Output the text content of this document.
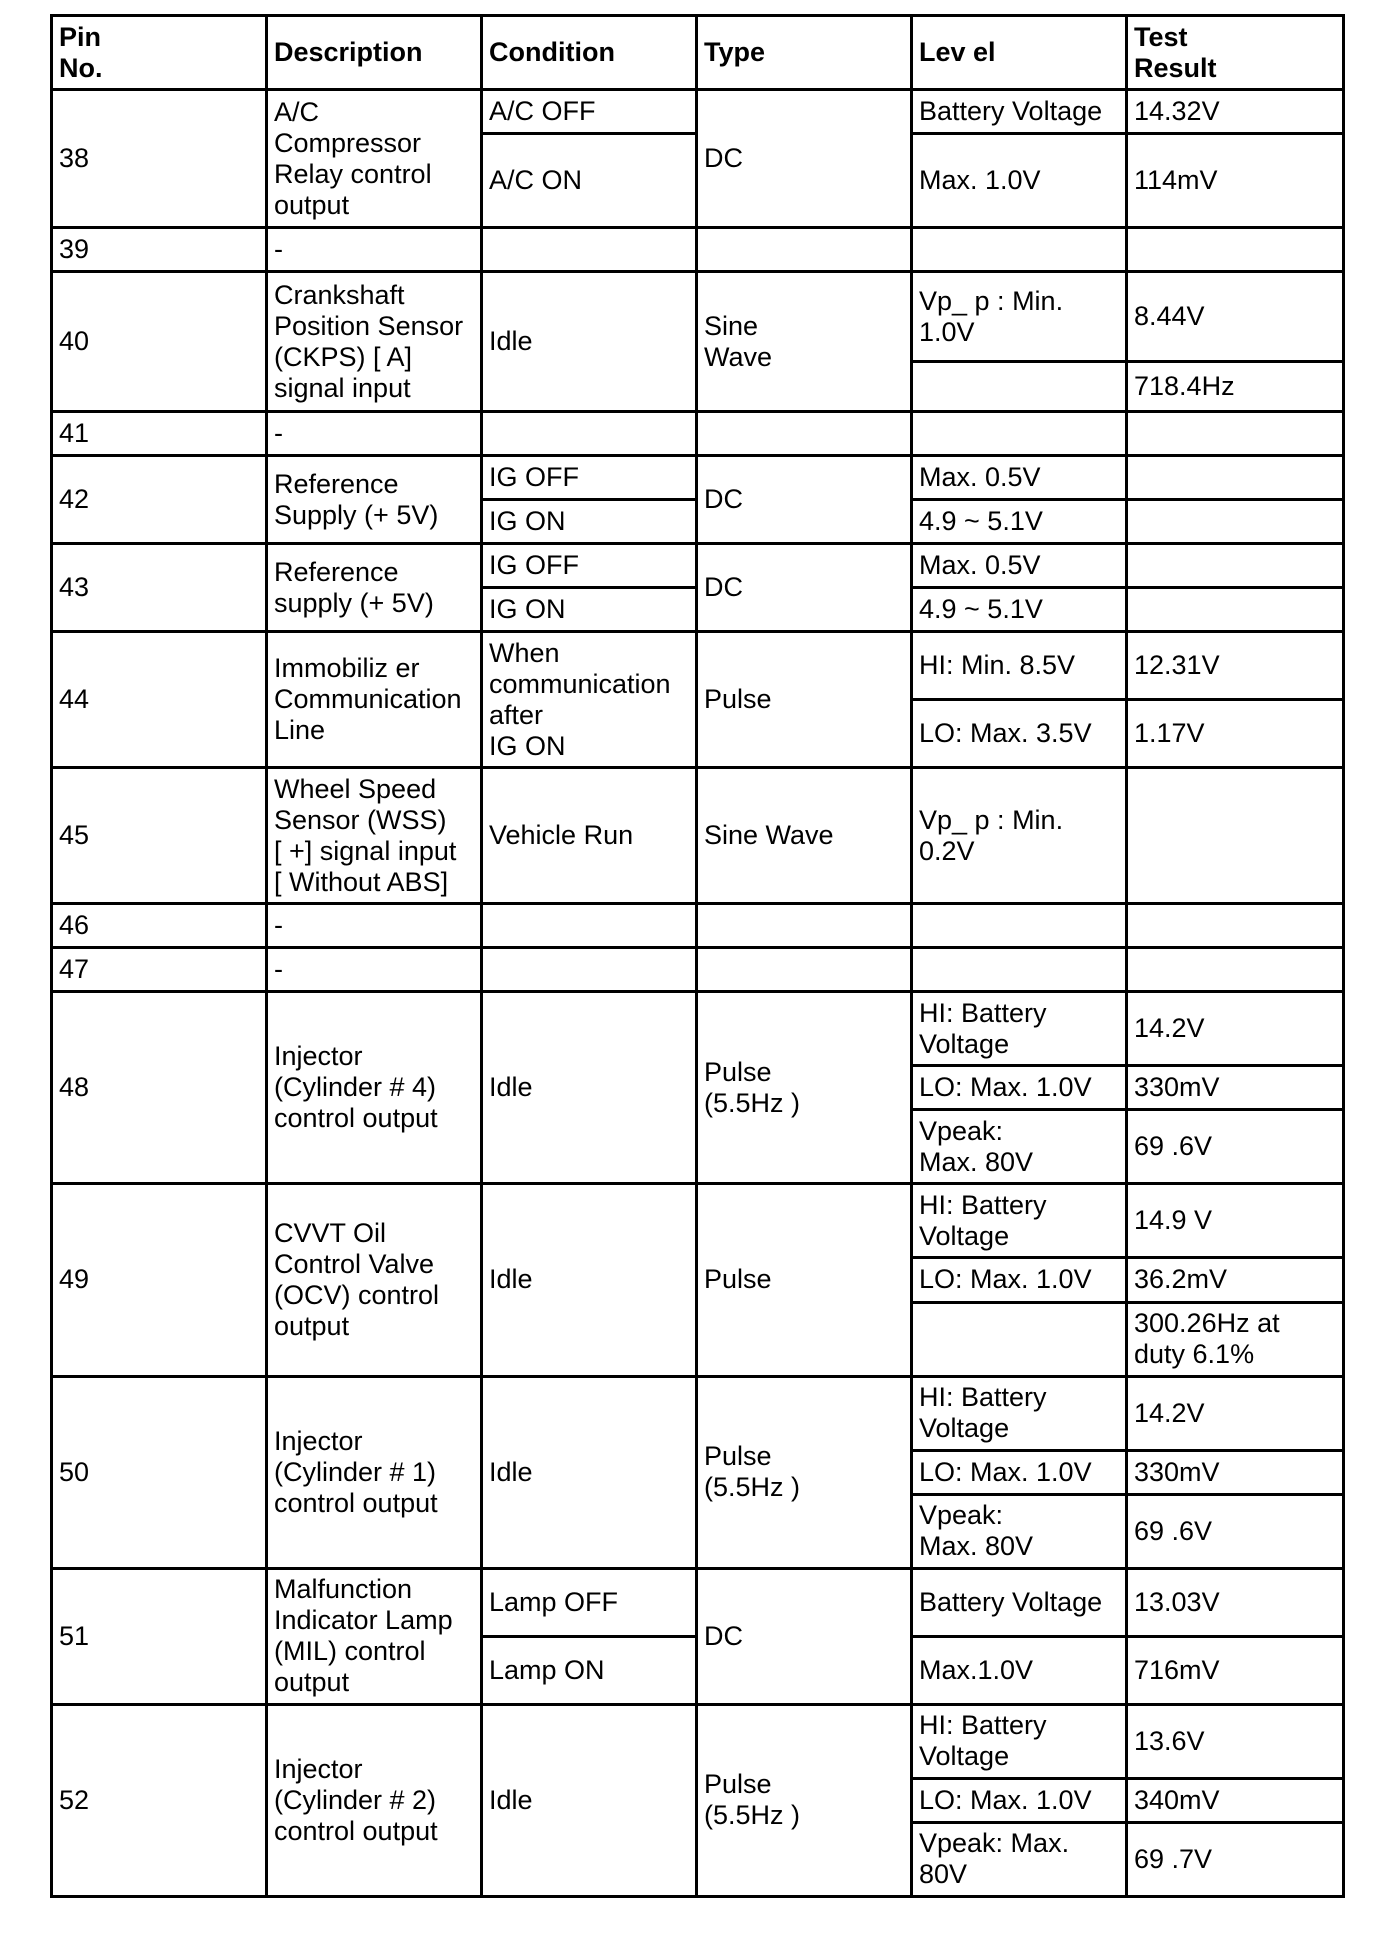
Pin
No.	Description	Condition	Type	Lev el	Test
Result
38	A/C
Compressor
Relay control
output	A/C OFF	DC	Battery Voltage	14.32V
		A/C ON		Max. 1.0V	114mV
39	-				
40	Crankshaft
Position Sensor
(CKPS) [ A]
signal input	Idle	Sine
Wave	Vp_ p : Min.
1.0V	8.44V
					718.4Hz
41	-				
42	Reference
Supply (+ 5V)	IG OFF	DC	Max. 0.5V	
		IG ON		4.9 ~ 5.1V	
43	Reference
supply (+ 5V)	IG OFF	DC	Max. 0.5V	
		IG ON		4.9 ~ 5.1V	
44	Immobiliz er
Communication
Line	When
communication
after
IG ON	Pulse	HI: Min. 8.5V	12.31V
				LO: Max. 3.5V	1.17V
45	Wheel Speed
Sensor (WSS)
[ +] signal input
[ Without ABS]	Vehicle Run	Sine Wave	Vp_ p : Min.
0.2V	
46	-				
47	-				
48	Injector
(Cylinder # 4)
control output	Idle	Pulse
(5.5Hz )	HI: Battery
Voltage	14.2V
				LO: Max. 1.0V	330mV
				Vpeak:
Max. 80V	69 .6V
49	CVVT Oil
Control Valve
(OCV) control
output	Idle	Pulse	HI: Battery
Voltage	14.9 V
				LO: Max. 1.0V	36.2mV
					300.26Hz at
duty 6.1%
50	Injector
(Cylinder # 1)
control output	Idle	Pulse
(5.5Hz )	HI: Battery
Voltage	14.2V
				LO: Max. 1.0V	330mV
				Vpeak:
Max. 80V	69 .6V
51	Malfunction
Indicator Lamp
(MIL) control
output	Lamp OFF	DC	Battery Voltage	13.03V
		Lamp ON		Max.1.0V	716mV
52	Injector
(Cylinder # 2)
control output	Idle	Pulse
(5.5Hz )	HI: Battery
Voltage	13.6V
				LO: Max. 1.0V	340mV
				Vpeak: Max.
80V	69 .7V
